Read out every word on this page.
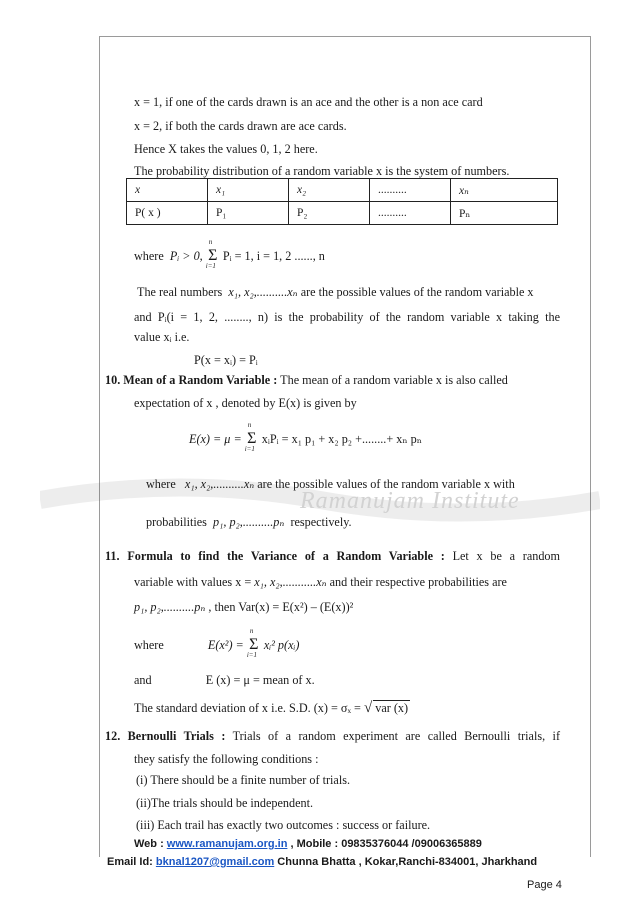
Ramanujam Institute
x = 1, if one of the cards drawn is an ace and the other is a non ace card
x = 2, if both the cards drawn are ace cards.
Hence X takes the values 0, 1, 2 here.
The probability distribution of a random variable x is the system of numbers.
x	x₁	x₂	..........	xₙ
P( x )	P₁	P₂	..........	Pₙ
where Pᵢ > 0, Σ
n
i=1
Pᵢ = 1, i = 1, 2 ......, n
The real numbers x₁, x₂,..........xₙ are the possible values of the random variable x
and Pᵢ(i = 1, 2, ........, n) is the probability of the random variable x taking the
value xᵢ i.e.
P(x = xᵢ) = Pᵢ
10. Mean of a Random Variable : The mean of a random variable x is also called
expectation of x , denoted by E(x) is given by
E(x) = μ = Σ
n
i=1
xᵢPᵢ = x₁ p₁ + x₂ p₂ +........+ xₙ pₙ
where x₁, x₂,..........xₙ are the possible values of the random variable x with
probabilities p₁, p₂,..........pₙ respectively.
11. Formula to find the Variance of a Random Variable : Let x be a random
variable with values x = x₁, x₂,...........xₙ and their respective probabilities are
p₁, p₂,..........pₙ , then Var(x) = E(x²) – (E(x))²
where	E(x²) = Σ
n
i=1
xᵢ² p(xᵢ)
and	E (x) = μ = mean of x.
The standard deviation of x i.e. S.D. (x) = σₓ = √ var (x)
12. Bernoulli Trials : Trials of a random experiment are called Bernoulli trials, if
they satisfy the following conditions :
(i) There should be a finite number of trials.
(ii)The trials should be independent.
(iii) Each trail has exactly two outcomes : success or failure.
Web : www.ramanujam.org.in , Mobile : 09835376044 /09006365889
Email Id: bknal1207@gmail.com Chunna Bhatta , Kokar,Ranchi-834001, Jharkhand
Page 4
